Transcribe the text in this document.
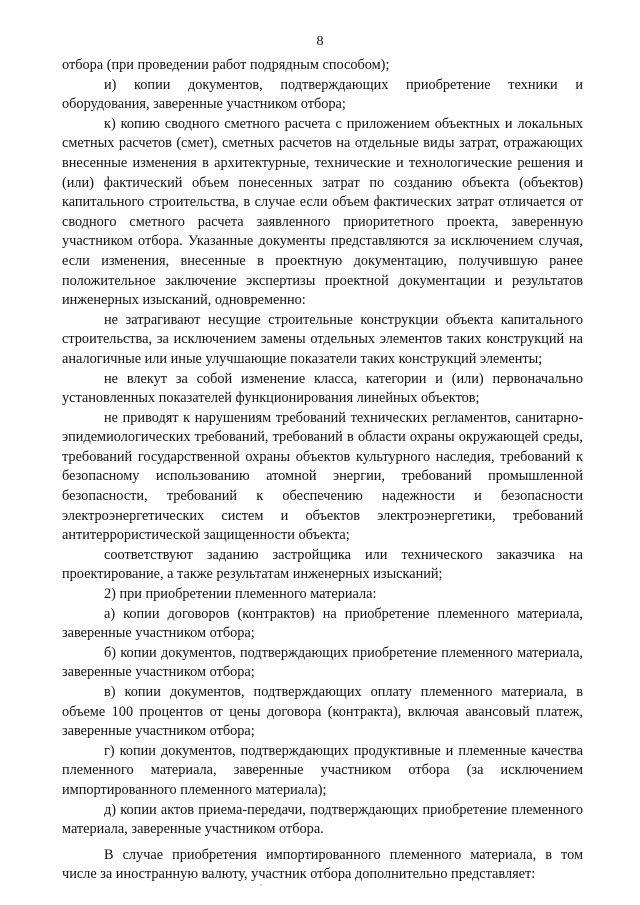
8

отбора (при проведении работ подрядным способом);

и) копии документов, подтверждающих приобретение техники и оборудования, заверенные участником отбора;

к) копию сводного сметного расчета с приложением объектных и локальных сметных расчетов (смет), сметных расчетов на отдельные виды затрат, отражающих внесенные изменения в архитектурные, технические и технологические решения и (или) фактический объем понесенных затрат по созданию объекта (объектов) капитального строительства, в случае если объем фактических затрат отличается от сводного сметного расчета заявленного приоритетного проекта, заверенную участником отбора. Указанные документы представляются за исключением случая, если изменения, внесенные в проектную документацию, получившую ранее положительное заключение экспертизы проектной документации и результатов инженерных изысканий, одновременно:

не затрагивают несущие строительные конструкции объекта капитального строительства, за исключением замены отдельных элементов таких конструкций на аналогичные или иные улучшающие показатели таких конструкций элементы;

не влекут за собой изменение класса, категории и (или) первоначально установленных показателей функционирования линейных объектов;

не приводят к нарушениям требований технических регламентов, санитарно-эпидемиологических требований, требований в области охраны окружающей среды, требований государственной охраны объектов культурного наследия, требований к безопасному использованию атомной энергии, требований промышленной безопасности, требований к обеспечению надежности и безопасности электроэнергетических систем и объектов электроэнергетики, требований антитеррористической защищенности объекта;

соответствуют заданию застройщика или технического заказчика на проектирование, а также результатам инженерных изысканий;

2) при приобретении племенного материала:

а) копии договоров (контрактов) на приобретение племенного материала, заверенные участником отбора;

б) копии документов, подтверждающих приобретение племенного материала, заверенные участником отбора;

в) копии документов, подтверждающих оплату племенного материала, в объеме 100 процентов от цены договора (контракта), включая авансовый платеж, заверенные участником отбора;

г) копии документов, подтверждающих продуктивные и племенные качества племенного материала, заверенные участником отбора (за исключением импортированного племенного материала);

д) копии актов приема-передачи, подтверждающих приобретение племенного материала, заверенные участником отбора.

В случае приобретения импортированного племенного материала, в том числе за иностранную валюту, участник отбора дополнительно представляет:
